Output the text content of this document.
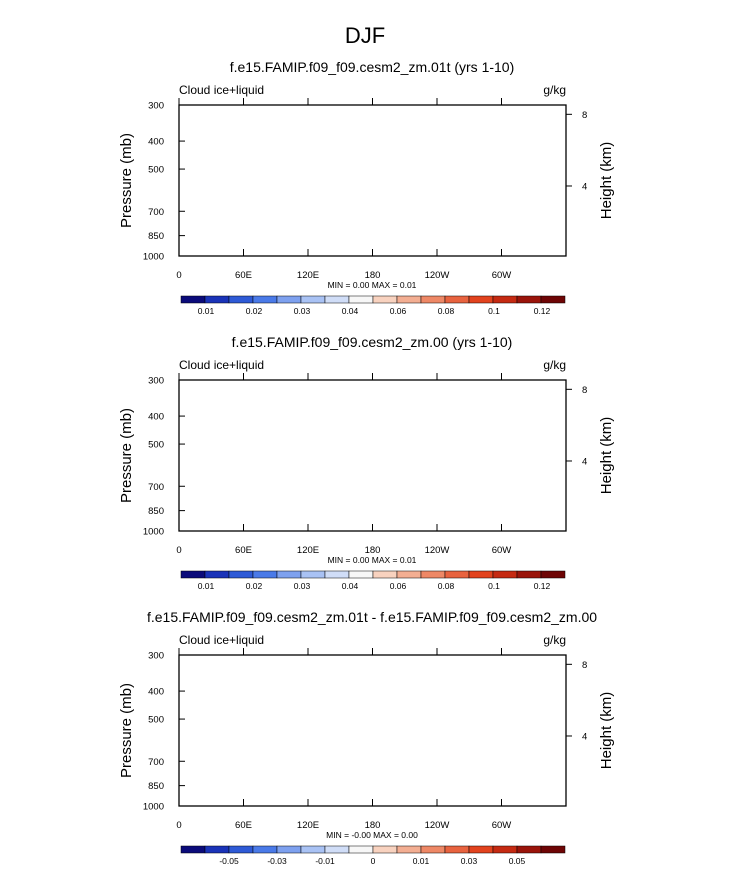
DJF
f.e15.FAMIP.f09_f09.cesm2_zm.01t (yrs 1-10)
Cloud ice+liquid	g/kg
300
400
500
700
850
1000
8
4
0	60E	120E	180	120W	60W
Pressure (mb)	Height (km)
MIN = 0.00 MAX = 0.01
0.01	0.02	0.03	0.04	0.06	0.08	0.1	0.12
f.e15.FAMIP.f09_f09.cesm2_zm.00 (yrs 1-10)
Cloud ice+liquid	g/kg
300
400
500
700
850
1000
8
4
0	60E	120E	180	120W	60W
Pressure (mb)	Height (km)
MIN = 0.00 MAX = 0.01
0.01	0.02	0.03	0.04	0.06	0.08	0.1	0.12
f.e15.FAMIP.f09_f09.cesm2_zm.01t - f.e15.FAMIP.f09_f09.cesm2_zm.00
Cloud ice+liquid	g/kg
300
400
500
700
850
1000
8
4
0	60E	120E	180	120W	60W
Pressure (mb)	Height (km)
MIN = -0.00 MAX = 0.00
-0.05	-0.03	-0.01	0	0.01	0.03	0.05
